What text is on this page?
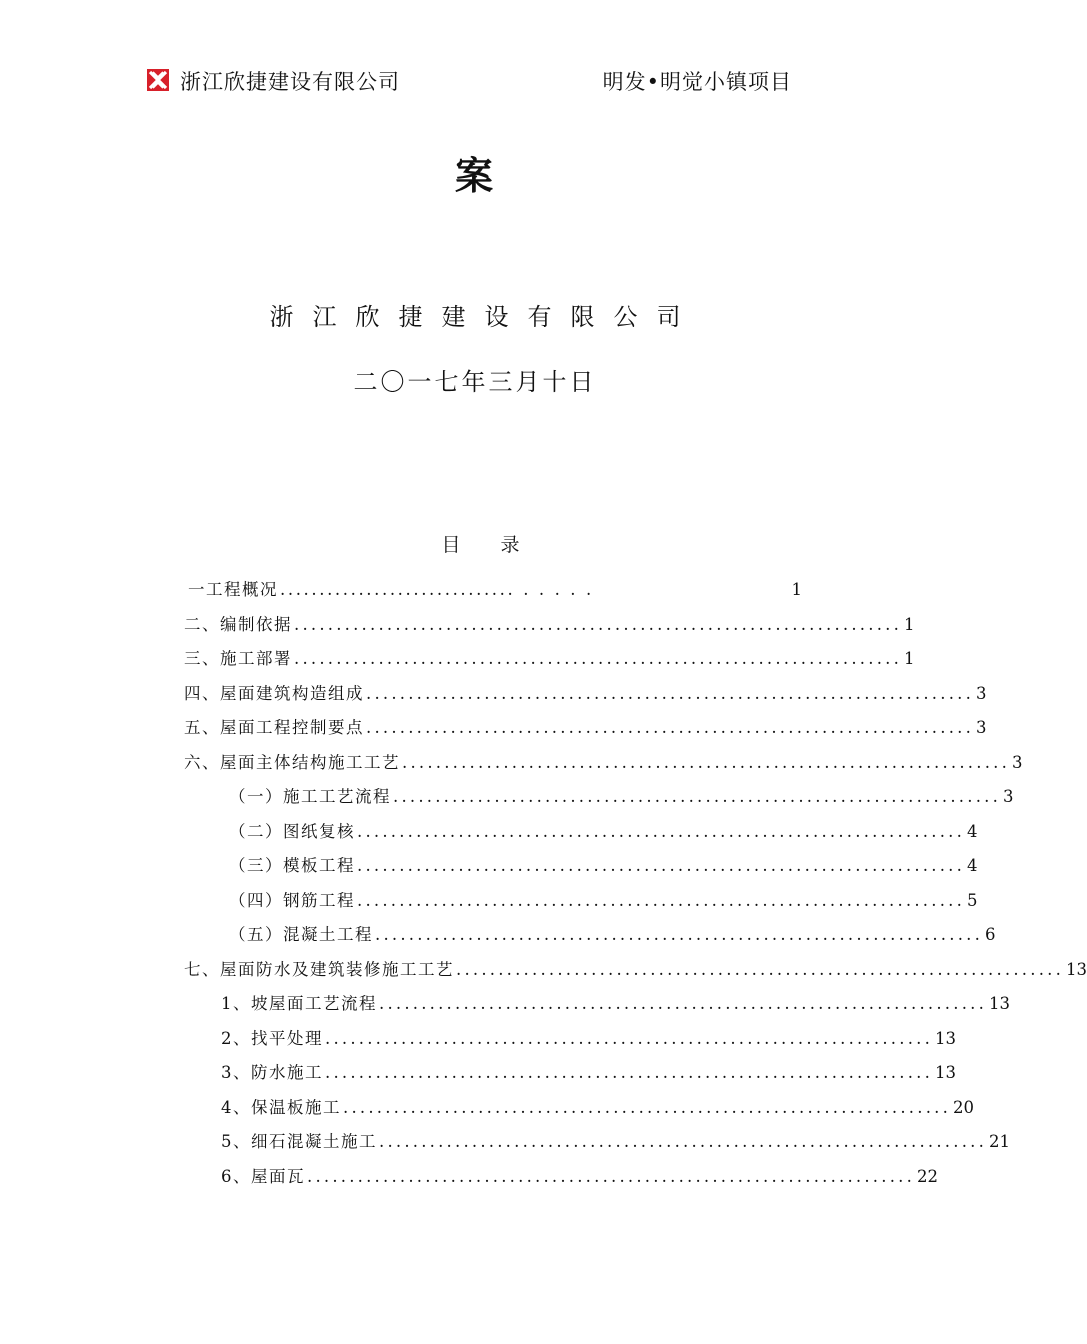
浙江欣捷建设有限公司	明发•明觉小镇项目
案
浙江欣捷建设有限公司
二〇一七年三月十日
目 录
一工程概况 .............................. . . . . .	1
二、编制依据 ........................................................................ 1
三、施工部署 ........................................................................ 1
四、屋面建筑构造组成 ........................................................................ 3
五、屋面工程控制要点 ........................................................................ 3
六、屋面主体结构施工工艺 ........................................................................ 3
（一）施工工艺流程 ........................................................................ 3
（二）图纸复核 ........................................................................ 4
（三）模板工程 ........................................................................ 4
（四）钢筋工程 ........................................................................ 5
（五）混凝土工程 ........................................................................ 6
七、屋面防水及建筑装修施工工艺 ........................................................................ 13
1、坡屋面工艺流程 ........................................................................ 13
2、找平处理 ........................................................................ 13
3、防水施工 ........................................................................ 13
4、保温板施工 ........................................................................ 20
5、细石混凝土施工 ........................................................................ 21
6、屋面瓦 ........................................................................ 22
